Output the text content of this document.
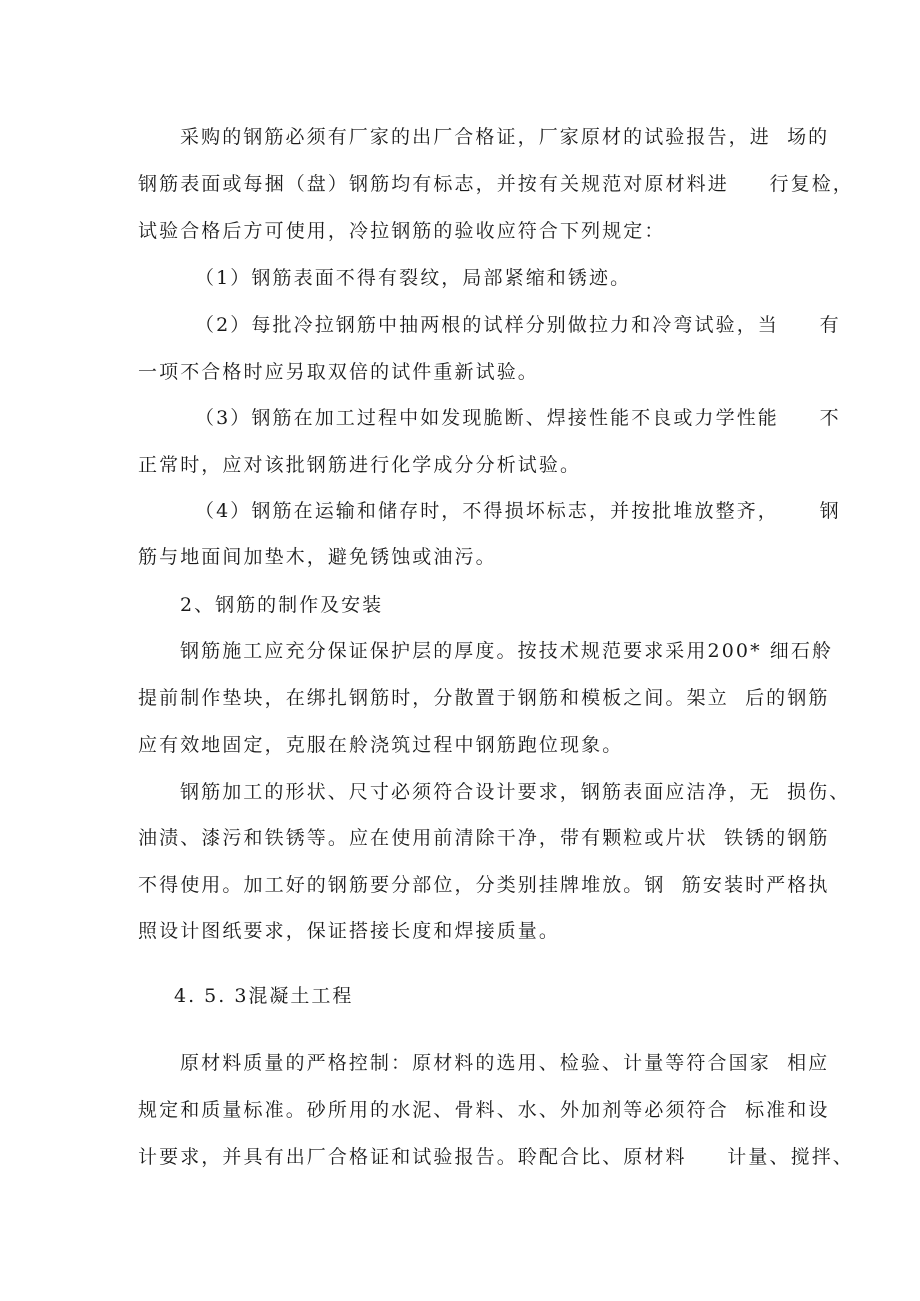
采购的钢筋必须有厂家的出厂合格证，厂家原材的试验报告，进  场的
钢筋表面或每捆（盘）钢筋均有标志，并按有关规范对原材料进     行复检，
试验合格后方可使用，冷拉钢筋的验收应符合下列规定：
（1）钢筋表面不得有裂纹，局部紧缩和锈迹。
（2）每批冷拉钢筋中抽两根的试样分别做拉力和冷弯试验，当     有
一项不合格时应另取双倍的试件重新试验。
（3）钢筋在加工过程中如发现脆断、焊接性能不良或力学性能     不
正常时，应对该批钢筋进行化学成分分析试验。
（4）钢筋在运输和储存时，不得损坏标志，并按批堆放整齐，     钢
筋与地面间加垫木，避免锈蚀或油污。
2、钢筋的制作及安装
钢筋施工应充分保证保护层的厚度。按技术规范要求采用200* 细石舲
提前制作垫块，在绑扎钢筋时，分散置于钢筋和模板之间。架立  后的钢筋
应有效地固定，克服在舲浇筑过程中钢筋跑位现象。
钢筋加工的形状、尺寸必须符合设计要求，钢筋表面应洁净，无  损伤、
油渍、漆污和铁锈等。应在使用前清除干净，带有颗粒或片状  铁锈的钢筋
不得使用。加工好的钢筋要分部位，分类别挂牌堆放。钢  筋安装时严格执
照设计图纸要求，保证搭接长度和焊接质量。
4. 5. 3混凝土工程
原材料质量的严格控制：原材料的选用、检验、计量等符合国家  相应
规定和质量标准。砂所用的水泥、骨料、水、外加剂等必须符合  标准和设
计要求，并具有出厂合格证和试验报告。聆配合比、原材料     计量、搅拌、
